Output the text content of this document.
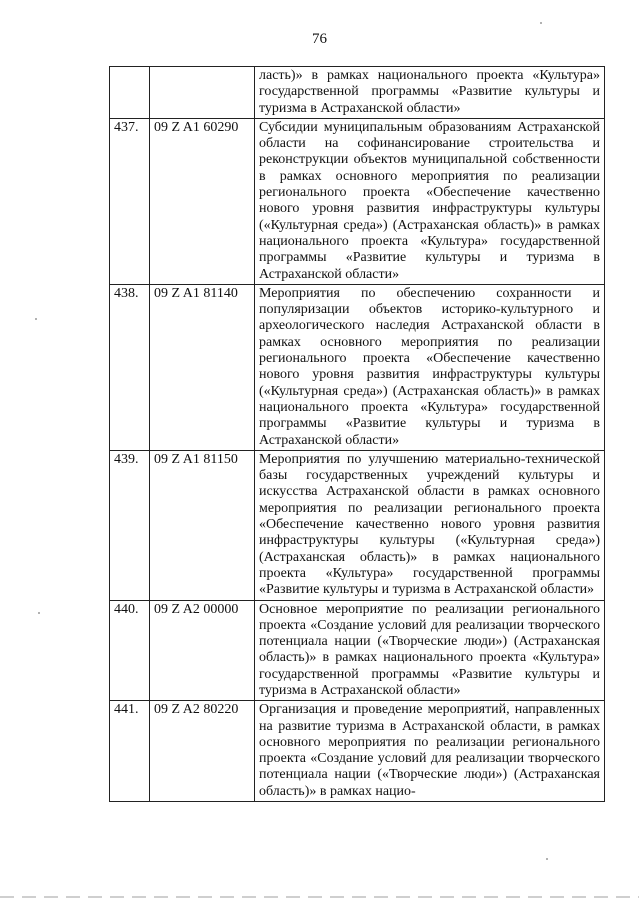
76
		ласть)» в рамках национального проекта «Культура» государственной программы «Развитие культуры и туризма в Астраханской области»
437.	09 Z A1 60290	Субсидии муниципальным образованиям Астраханской области на софинансирование строительства и реконструкции объектов муниципальной собственности в рамках основного мероприятия по реализации регионального проекта «Обеспечение качественно нового уровня развития инфраструктуры культуры («Культурная среда») (Астраханская область)» в рамках национального проекта «Культура» государственной программы «Развитие культуры и туризма в Астраханской области»
438.	09 Z A1 81140	Мероприятия по обеспечению сохранности и популяризации объектов историко-культурного и археологического наследия Астраханской области в рамках основного мероприятия по реализации регионального проекта «Обеспечение качественно нового уровня развития инфраструктуры культуры («Культурная среда») (Астраханская область)» в рамках национального проекта «Культура» государственной программы «Развитие культуры и туризма в Астраханской области»
439.	09 Z A1 81150	Мероприятия по улучшению материально-технической базы государственных учреждений культуры и искусства Астраханской области в рамках основного мероприятия по реализации регионального проекта «Обеспечение качественно нового уровня развития инфраструктуры культуры («Культурная среда») (Астраханская область)» в рамках национального проекта «Культура» государственной программы «Развитие культуры и туризма в Астраханской области»
440.	09 Z A2 00000	Основное мероприятие по реализации регионального проекта «Создание условий для реализации творческого потенциала нации («Творческие люди») (Астраханская область)» в рамках национального проекта «Культура» государственной программы «Развитие культуры и туризма в Астраханской области»
441.	09 Z A2 80220	Организация и проведение мероприятий, направленных на развитие туризма в Астраханской области, в рамках основного мероприятия по реализации регионального проекта «Создание условий для реализации творческого потенциала нации («Творческие люди») (Астраханская область)» в рамках нацио-
